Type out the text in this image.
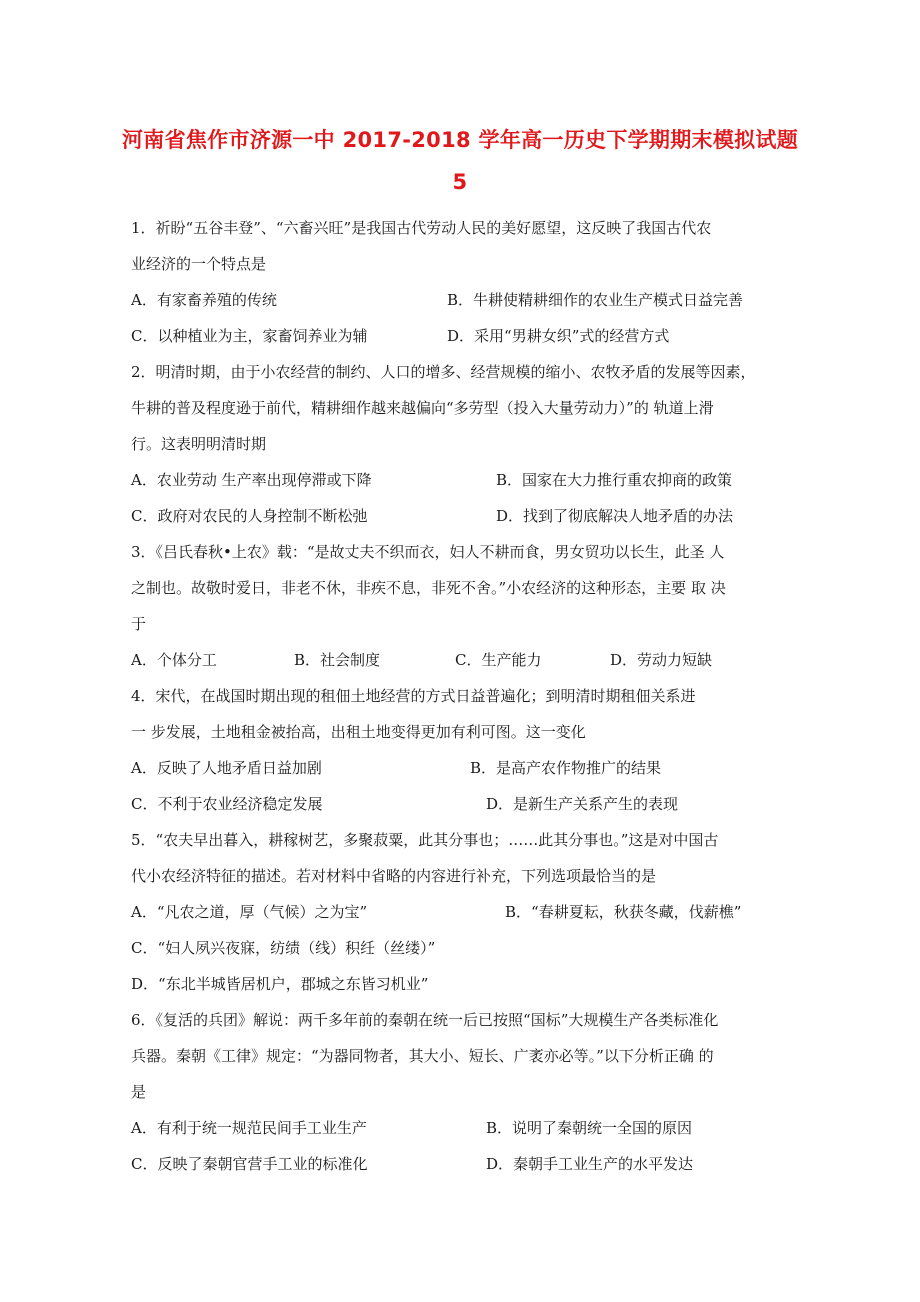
河南省焦作市济源一中 2017-2018 学年高一历史下学期期末模拟试题
5
1．祈盼“五谷丰登”、“六畜兴旺”是我国古代劳动人民的美好愿望，这反映了我国古代农
业经济的一个特点是
A．有家畜养殖的传统	B．牛耕使精耕细作的农业生产模式日益完善
C．以种植业为主，家畜饲养业为辅	D．采用“男耕女织”式的经营方式
2．明清时期，由于小农经营的制约、人口的增多、经营规模的缩小、农牧矛盾的发展等因素，
牛耕的普及程度逊于前代，精耕细作越来越偏向“多劳型（投入大量劳动力）”的 轨道上滑
行。这表明明清时期
A．农业劳动 生产率出现停滞或下降	B．国家在大力推行重农抑商的政策
C．政府对农民的人身控制不断松弛	D．找到了彻底解决人地矛盾的办法
3．《吕氏春秋•上农》载：“是故丈夫不织而衣，妇人不耕而食，男女贸功以长生，此圣 人
之制也。故敬时爱日，非老不休，非疾不息，非死不舍。”小农经济的这种形态，主要 取 决
于
A．个体分工	B．社会制度	C．生产能力	D．劳动力短缺
4．宋代，在战国时期出现的租佃土地经营的方式日益普遍化；到明清时期租佃关系进
一 步发展，土地租金被抬高，出租土地变得更加有利可图。这一变化
A．反映了人地矛盾日益加剧	B．是高产农作物推广的结果
C．不利于农业经济稳定发展	D．是新生产关系产生的表现
5．“农夫早出暮入，耕稼树艺，多聚菽粟，此其分事也；……此其分事也。”这是对中国古
代小农经济特征的描述。若对材料中省略的内容进行补充，下列选项最恰当的是
A．“凡农之道，厚（气候）之为宝”	B．“春耕夏耘，秋获冬藏，伐薪樵”
C．“妇人夙兴夜寐，纺绩（线）积纴（丝缕）”
D．“东北半城皆居机户，郡城之东皆习机业”
6．《复活的兵团》解说：两千多年前的秦朝在统一后已按照“国标”大规模生产各类标准化
兵器。秦朝《工律》规定：“为器同物者，其大小、短长、广袤亦必等。”以下分析正确 的
是
A．有利于统一规范民间手工业生产	B．说明了秦朝统一全国的原因
C．反映了秦朝官营手工业的标准化	D．秦朝手工业生产的水平发达
